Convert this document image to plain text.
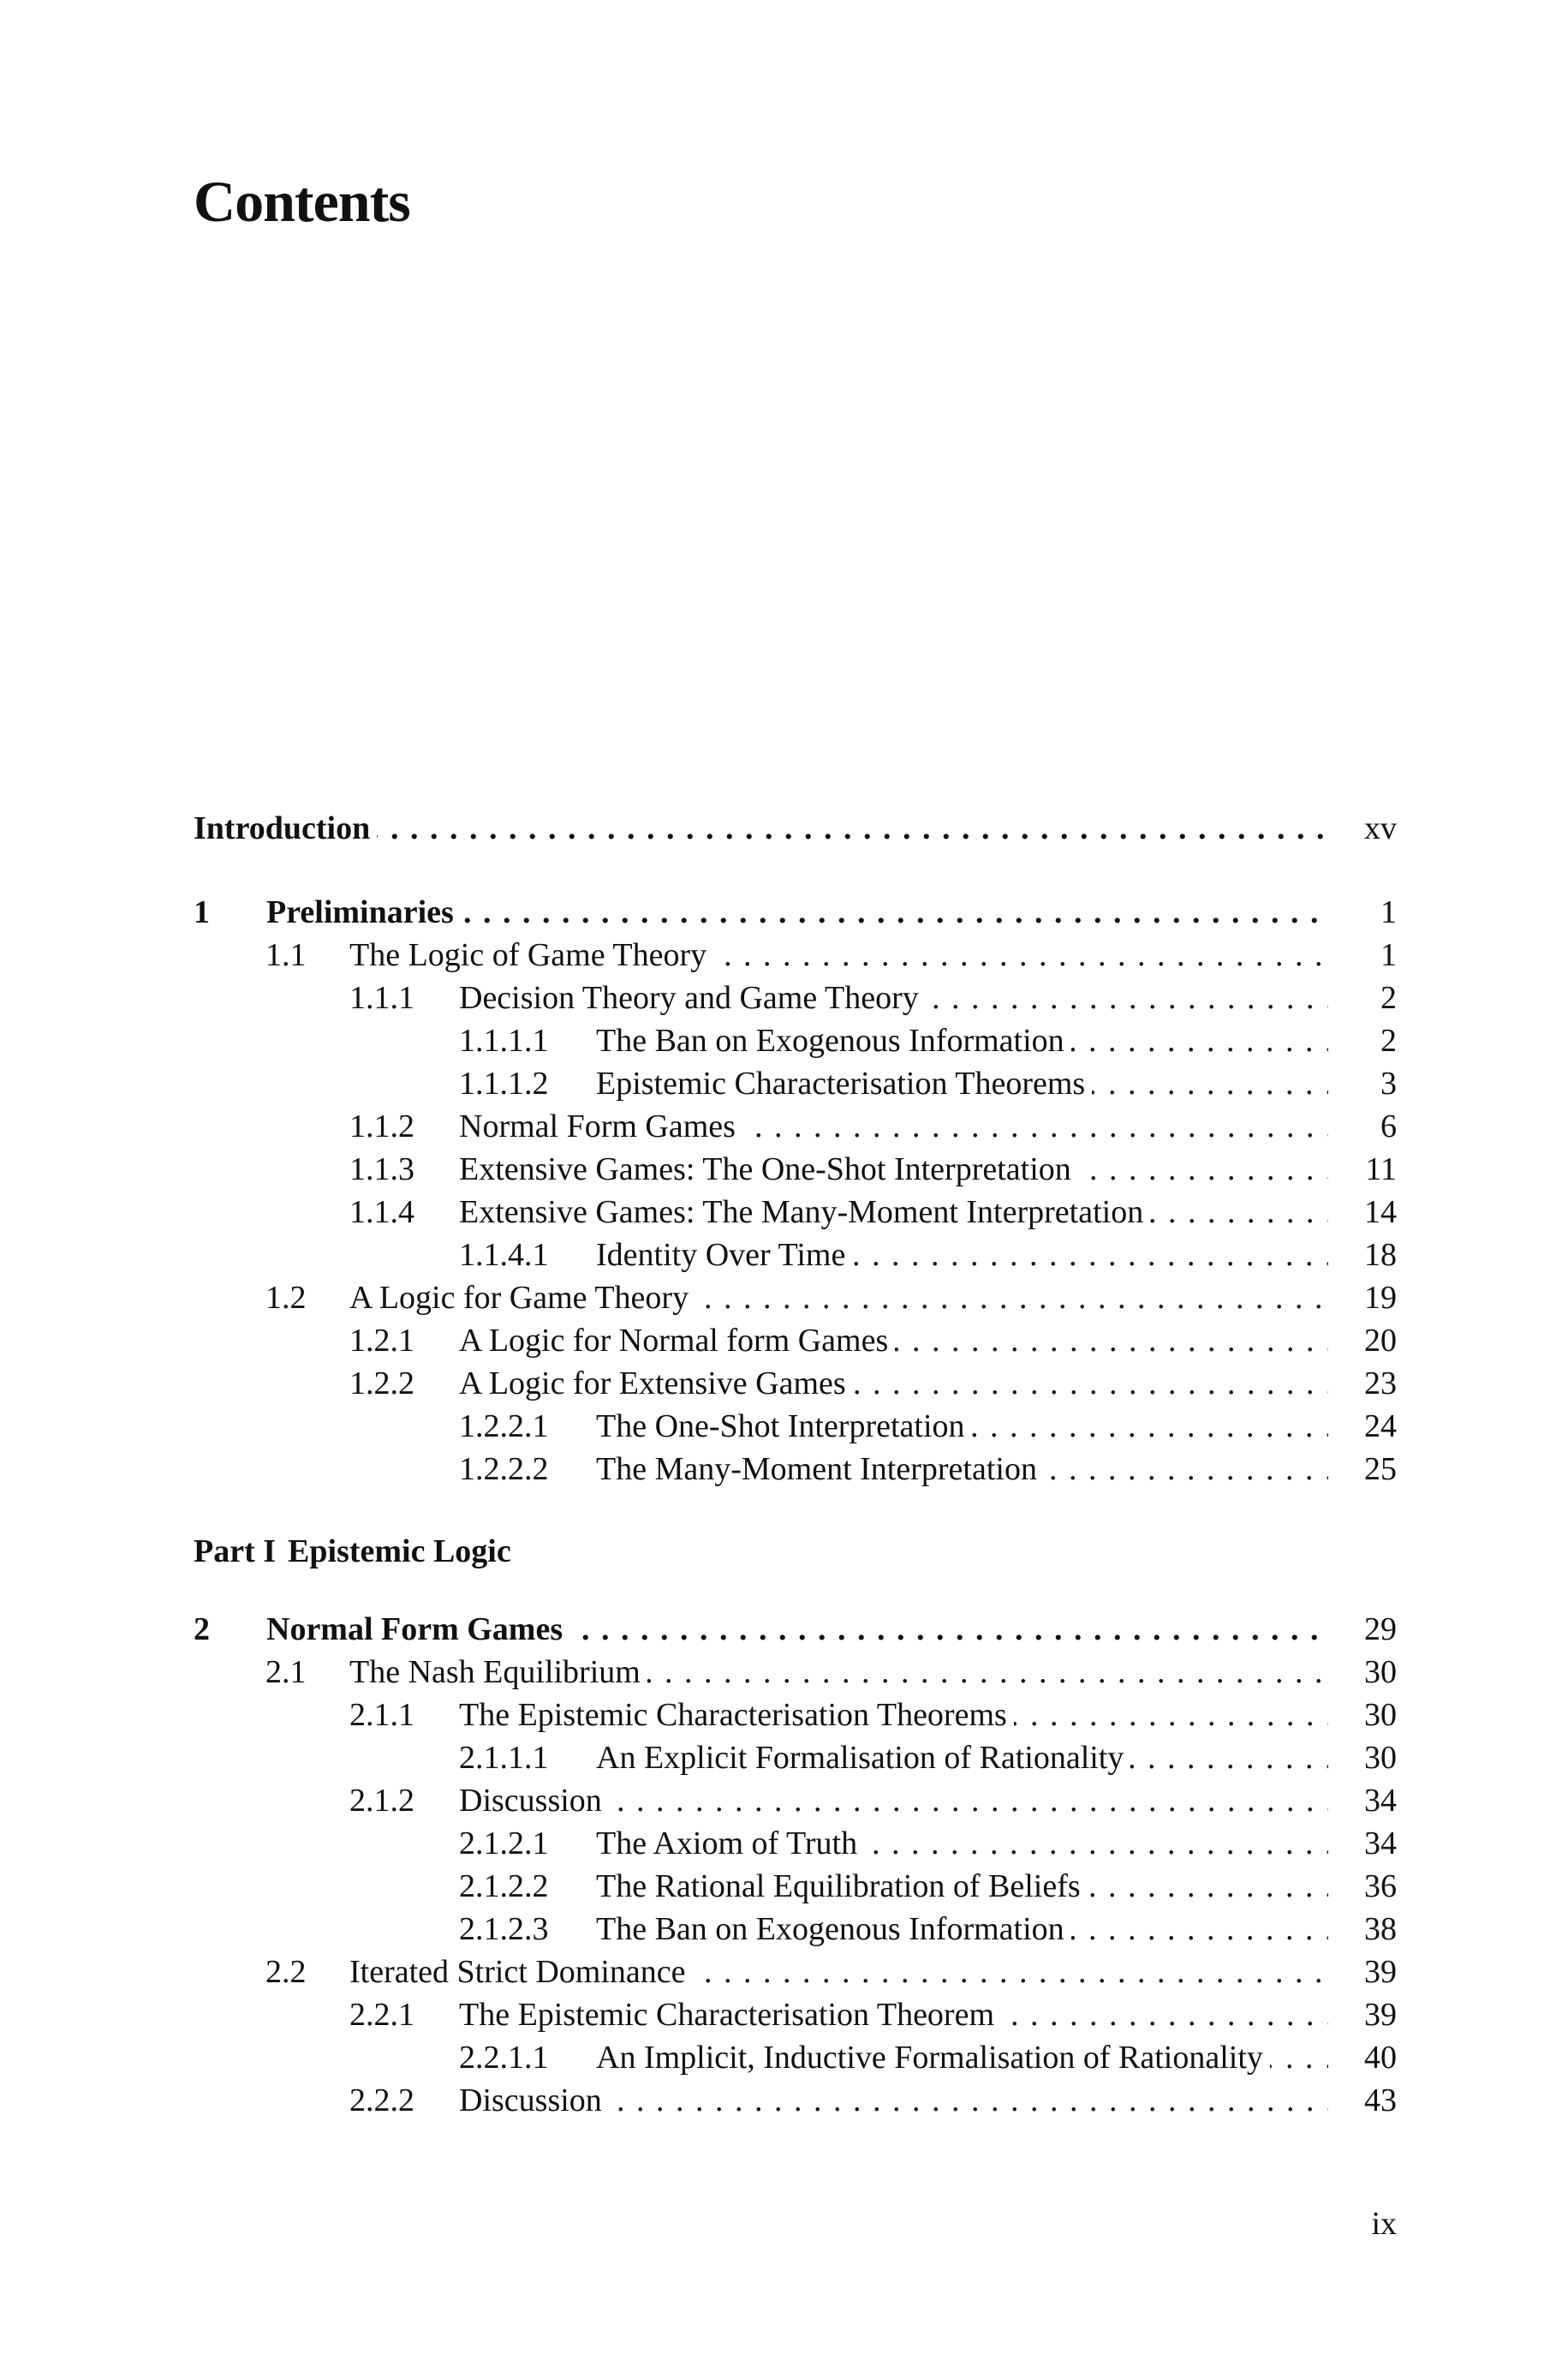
Contents
Introduction . . .	xv
1 Preliminaries . . .	1
1.1 The Logic of Game Theory . . .	1
1.1.1 Decision Theory and Game Theory . . .	2
1.1.1.1 The Ban on Exogenous Information . . .	2
1.1.1.2 Epistemic Characterisation Theorems . . .	3
1.1.2 Normal Form Games . . .	6
1.1.3 Extensive Games: The One-Shot Interpretation . . .	11
1.1.4 Extensive Games: The Many-Moment Interpretation . . .	14
1.1.4.1 Identity Over Time . . .	18
1.2 A Logic for Game Theory . . .	19
1.2.1 A Logic for Normal form Games . . .	20
1.2.2 A Logic for Extensive Games . . .	23
1.2.2.1 The One-Shot Interpretation . . .	24
1.2.2.2 The Many-Moment Interpretation . . .	25
2 Normal Form Games . . .	29
2.1 The Nash Equilibrium . . .	30
2.1.1 The Epistemic Characterisation Theorems . . .	30
2.1.1.1 An Explicit Formalisation of Rationality . . .	30
2.1.2 Discussion . . .	34
2.1.2.1 The Axiom of Truth . . .	34
2.1.2.2 The Rational Equilibration of Beliefs . . .	36
2.1.2.3 The Ban on Exogenous Information . . .	38
2.2 Iterated Strict Dominance . . .	39
2.2.1 The Epistemic Characterisation Theorem . . .	39
2.2.1.1 An Implicit, Inductive Formalisation of Rationality . . .	40
2.2.2 Discussion . . .	43
Part I Epistemic Logic
ix
